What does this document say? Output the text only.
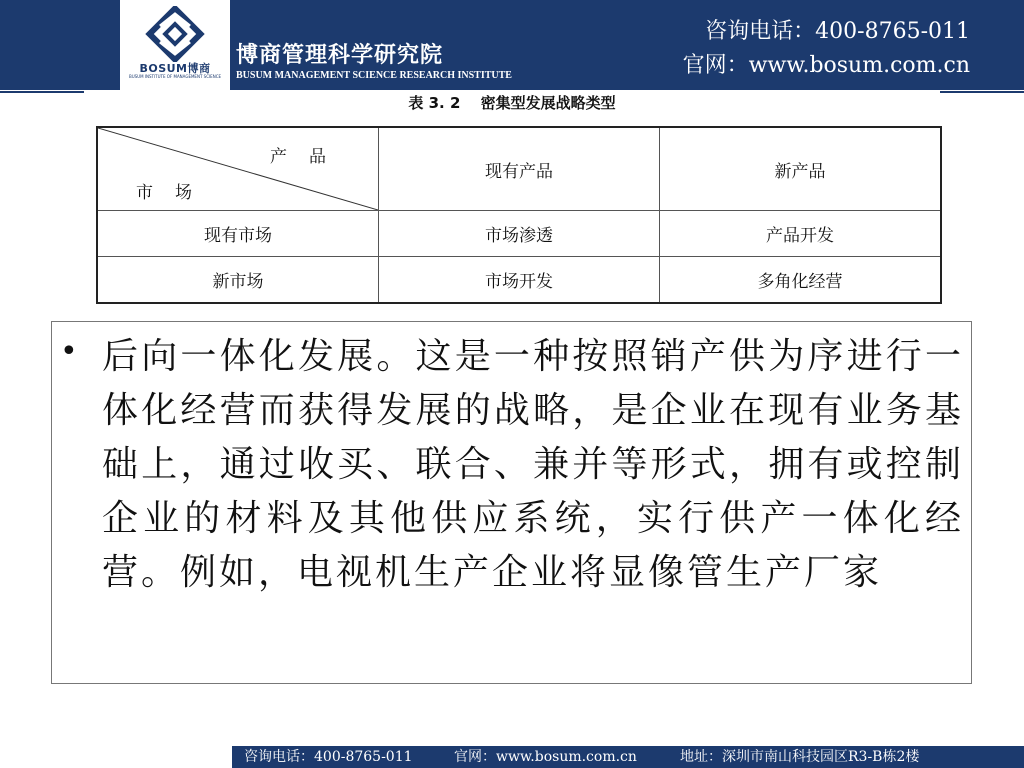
BOSUM博商
BUSUM INSTITUTE OF MANAGEMENT SCIENCE
博商管理科学研究院
BUSUM MANAGEMENT SCIENCE RESEARCH INSTITUTE
咨询电话：400-8765-011
官网：www.bosum.com.cn
表 3. 2　 密集型发展战略类型
产品
市场	现有产品	新产品
现有市场	市场渗透	产品开发
新市场	市场开发	多角化经营
• 后向一体化发展。这是一种按照销产供为序进行一体化经营而获得发展的战略，是企业在现有业务基础上，通过收买、联合、兼并等形式，拥有或控制企业的材料及其他供应系统，实行供产一体化经营。例如，电视机生产企业将显像管生产厂家
咨询电话：400-8765-011	官网：www.bosum.com.cn	地址：深圳市南山科技园区R3-B栋2楼
